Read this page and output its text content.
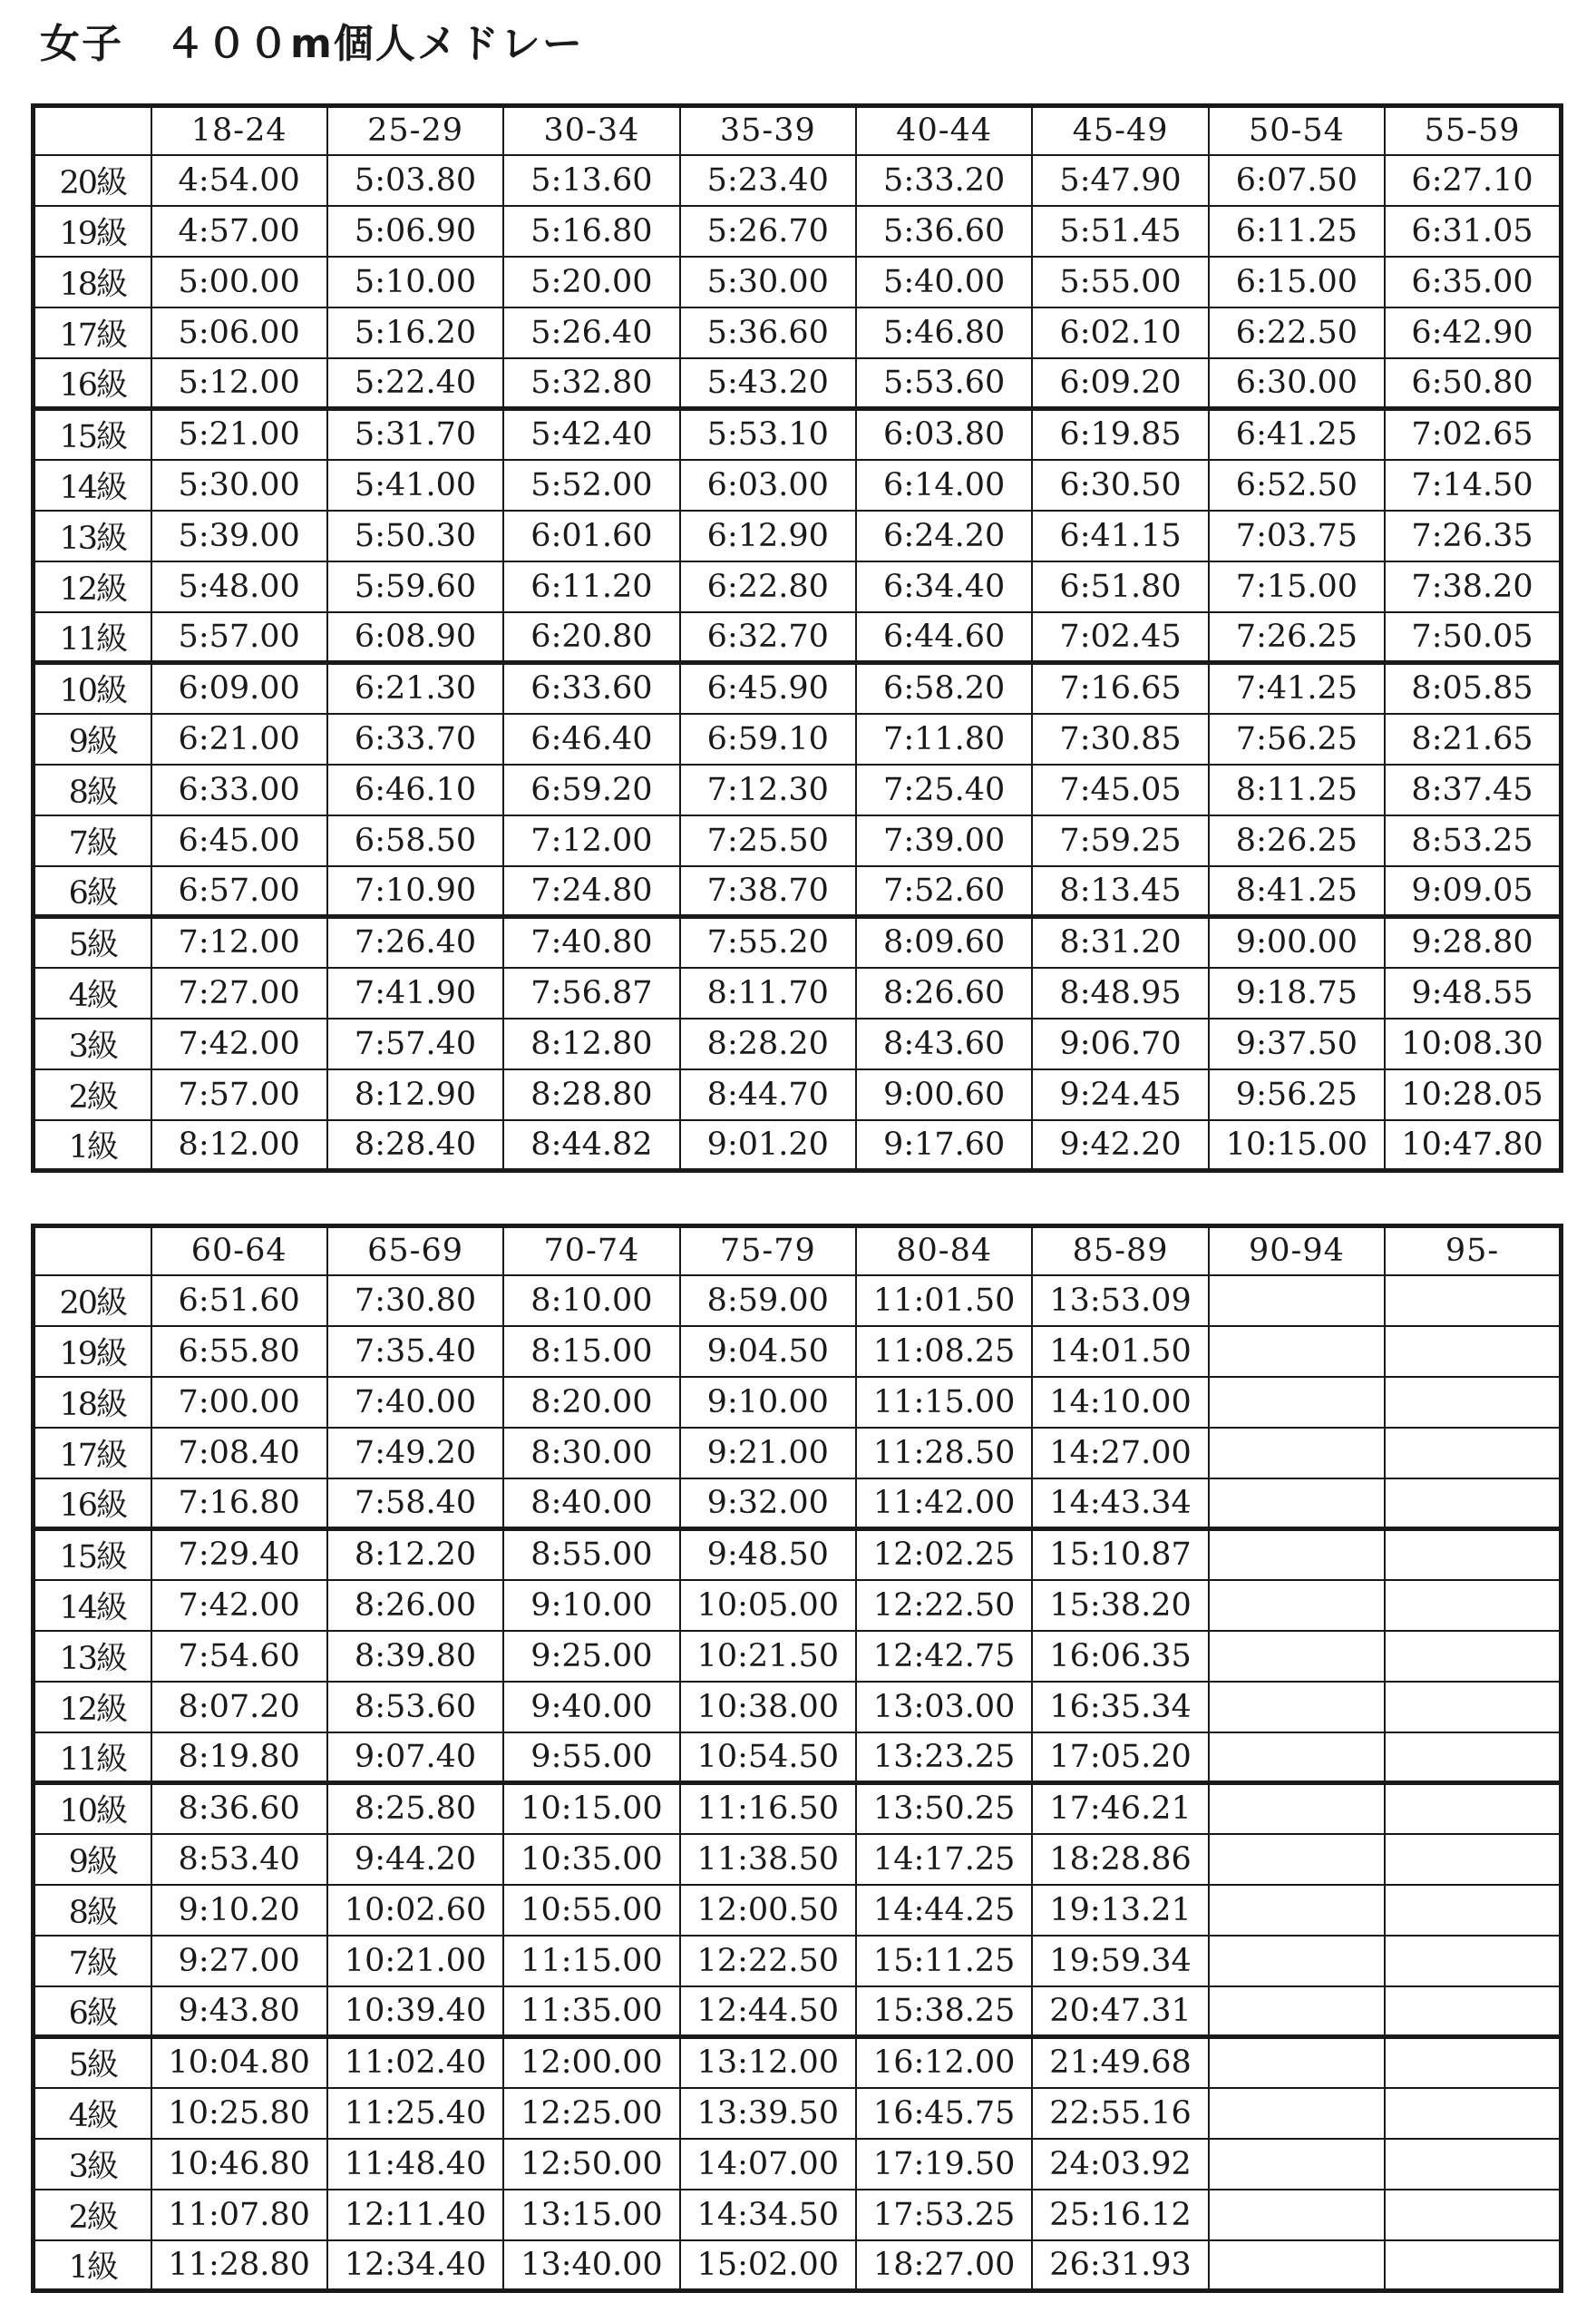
女子　４００m個人メドレー
	18-24	25-29	30-34	35-39	40-44	45-49	50-54	55-59
20級	4:54.00	5:03.80	5:13.60	5:23.40	5:33.20	5:47.90	6:07.50	6:27.10
19級	4:57.00	5:06.90	5:16.80	5:26.70	5:36.60	5:51.45	6:11.25	6:31.05
18級	5:00.00	5:10.00	5:20.00	5:30.00	5:40.00	5:55.00	6:15.00	6:35.00
17級	5:06.00	5:16.20	5:26.40	5:36.60	5:46.80	6:02.10	6:22.50	6:42.90
16級	5:12.00	5:22.40	5:32.80	5:43.20	5:53.60	6:09.20	6:30.00	6:50.80
15級	5:21.00	5:31.70	5:42.40	5:53.10	6:03.80	6:19.85	6:41.25	7:02.65
14級	5:30.00	5:41.00	5:52.00	6:03.00	6:14.00	6:30.50	6:52.50	7:14.50
13級	5:39.00	5:50.30	6:01.60	6:12.90	6:24.20	6:41.15	7:03.75	7:26.35
12級	5:48.00	5:59.60	6:11.20	6:22.80	6:34.40	6:51.80	7:15.00	7:38.20
11級	5:57.00	6:08.90	6:20.80	6:32.70	6:44.60	7:02.45	7:26.25	7:50.05
10級	6:09.00	6:21.30	6:33.60	6:45.90	6:58.20	7:16.65	7:41.25	8:05.85
9級	6:21.00	6:33.70	6:46.40	6:59.10	7:11.80	7:30.85	7:56.25	8:21.65
8級	6:33.00	6:46.10	6:59.20	7:12.30	7:25.40	7:45.05	8:11.25	8:37.45
7級	6:45.00	6:58.50	7:12.00	7:25.50	7:39.00	7:59.25	8:26.25	8:53.25
6級	6:57.00	7:10.90	7:24.80	7:38.70	7:52.60	8:13.45	8:41.25	9:09.05
5級	7:12.00	7:26.40	7:40.80	7:55.20	8:09.60	8:31.20	9:00.00	9:28.80
4級	7:27.00	7:41.90	7:56.87	8:11.70	8:26.60	8:48.95	9:18.75	9:48.55
3級	7:42.00	7:57.40	8:12.80	8:28.20	8:43.60	9:06.70	9:37.50	10:08.30
2級	7:57.00	8:12.90	8:28.80	8:44.70	9:00.60	9:24.45	9:56.25	10:28.05
1級	8:12.00	8:28.40	8:44.82	9:01.20	9:17.60	9:42.20	10:15.00	10:47.80
	60-64	65-69	70-74	75-79	80-84	85-89	90-94	95-
20級	6:51.60	7:30.80	8:10.00	8:59.00	11:01.50	13:53.09		
19級	6:55.80	7:35.40	8:15.00	9:04.50	11:08.25	14:01.50		
18級	7:00.00	7:40.00	8:20.00	9:10.00	11:15.00	14:10.00		
17級	7:08.40	7:49.20	8:30.00	9:21.00	11:28.50	14:27.00		
16級	7:16.80	7:58.40	8:40.00	9:32.00	11:42.00	14:43.34		
15級	7:29.40	8:12.20	8:55.00	9:48.50	12:02.25	15:10.87		
14級	7:42.00	8:26.00	9:10.00	10:05.00	12:22.50	15:38.20		
13級	7:54.60	8:39.80	9:25.00	10:21.50	12:42.75	16:06.35		
12級	8:07.20	8:53.60	9:40.00	10:38.00	13:03.00	16:35.34		
11級	8:19.80	9:07.40	9:55.00	10:54.50	13:23.25	17:05.20		
10級	8:36.60	8:25.80	10:15.00	11:16.50	13:50.25	17:46.21		
9級	8:53.40	9:44.20	10:35.00	11:38.50	14:17.25	18:28.86		
8級	9:10.20	10:02.60	10:55.00	12:00.50	14:44.25	19:13.21		
7級	9:27.00	10:21.00	11:15.00	12:22.50	15:11.25	19:59.34		
6級	9:43.80	10:39.40	11:35.00	12:44.50	15:38.25	20:47.31		
5級	10:04.80	11:02.40	12:00.00	13:12.00	16:12.00	21:49.68		
4級	10:25.80	11:25.40	12:25.00	13:39.50	16:45.75	22:55.16		
3級	10:46.80	11:48.40	12:50.00	14:07.00	17:19.50	24:03.92		
2級	11:07.80	12:11.40	13:15.00	14:34.50	17:53.25	25:16.12		
1級	11:28.80	12:34.40	13:40.00	15:02.00	18:27.00	26:31.93		
